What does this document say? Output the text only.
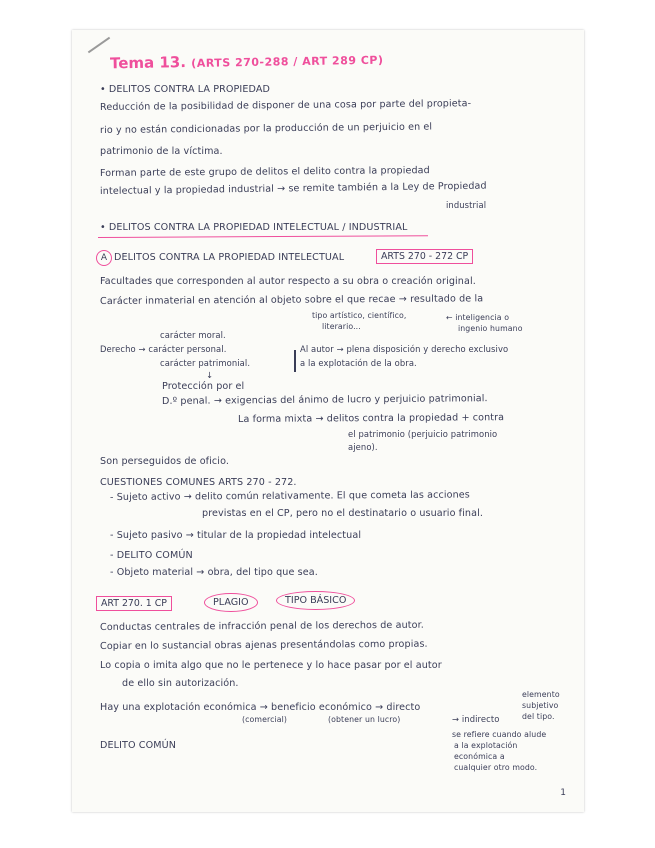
Tema 13. (ARTS 270-288 / ART 289 CP)
• DELITOS CONTRA LA PROPIEDAD
Reducción de la posibilidad de disponer de una cosa por parte del propieta-
rio y no están condicionadas por la producción de un perjuicio en el
patrimonio de la víctima.
Forman parte de este grupo de delitos el delito contra la propiedad
intelectual y la propiedad industrial → se remite también a la Ley de Propiedad
industrial
• DELITOS CONTRA LA PROPIEDAD INTELECTUAL / INDUSTRIAL
A DELITOS CONTRA LA PROPIEDAD INTELECTUAL	ARTS 270 - 272 CP
Facultades que corresponden al autor respecto a su obra o creación original.
Carácter inmaterial en atención al objeto sobre el que recae → resultado de la
tipo artístico, científico,
literario...
← inteligencia o
ingenio humano
carácter moral.
Derecho → carácter personal.
carácter patrimonial.
Al autor → plena disposición y derecho exclusivo
a la explotación de la obra.
↓
Protección por el
D.º penal. → exigencias del ánimo de lucro y perjuicio patrimonial.
La forma mixta → delitos contra la propiedad + contra
el patrimonio (perjuicio patrimonio
ajeno).
Son perseguidos de oficio.
CUESTIONES COMUNES ARTS 270 - 272.
- Sujeto activo → delito común relativamente. El que cometa las acciones
previstas en el CP, pero no el destinatario o usuario final.
- Sujeto pasivo → titular de la propiedad intelectual
- DELITO COMÚN
- Objeto material → obra, del tipo que sea.
ART 270. 1 CP	PLAGIO	TIPO BÁSICO
Conductas centrales de infracción penal de los derechos de autor.
Copiar en lo sustancial obras ajenas presentándolas como propias.
Lo copia o imita algo que no le pertenece y lo hace pasar por el autor
de ello sin autorización.
Hay una explotación económica → beneficio económico → directo
(comercial)	(obtener un lucro)	→ indirecto
elemento
subjetivo
del tipo.
DELITO COMÚN
se refiere cuando alude
a la explotación
económica a
cualquier otro modo.
1
